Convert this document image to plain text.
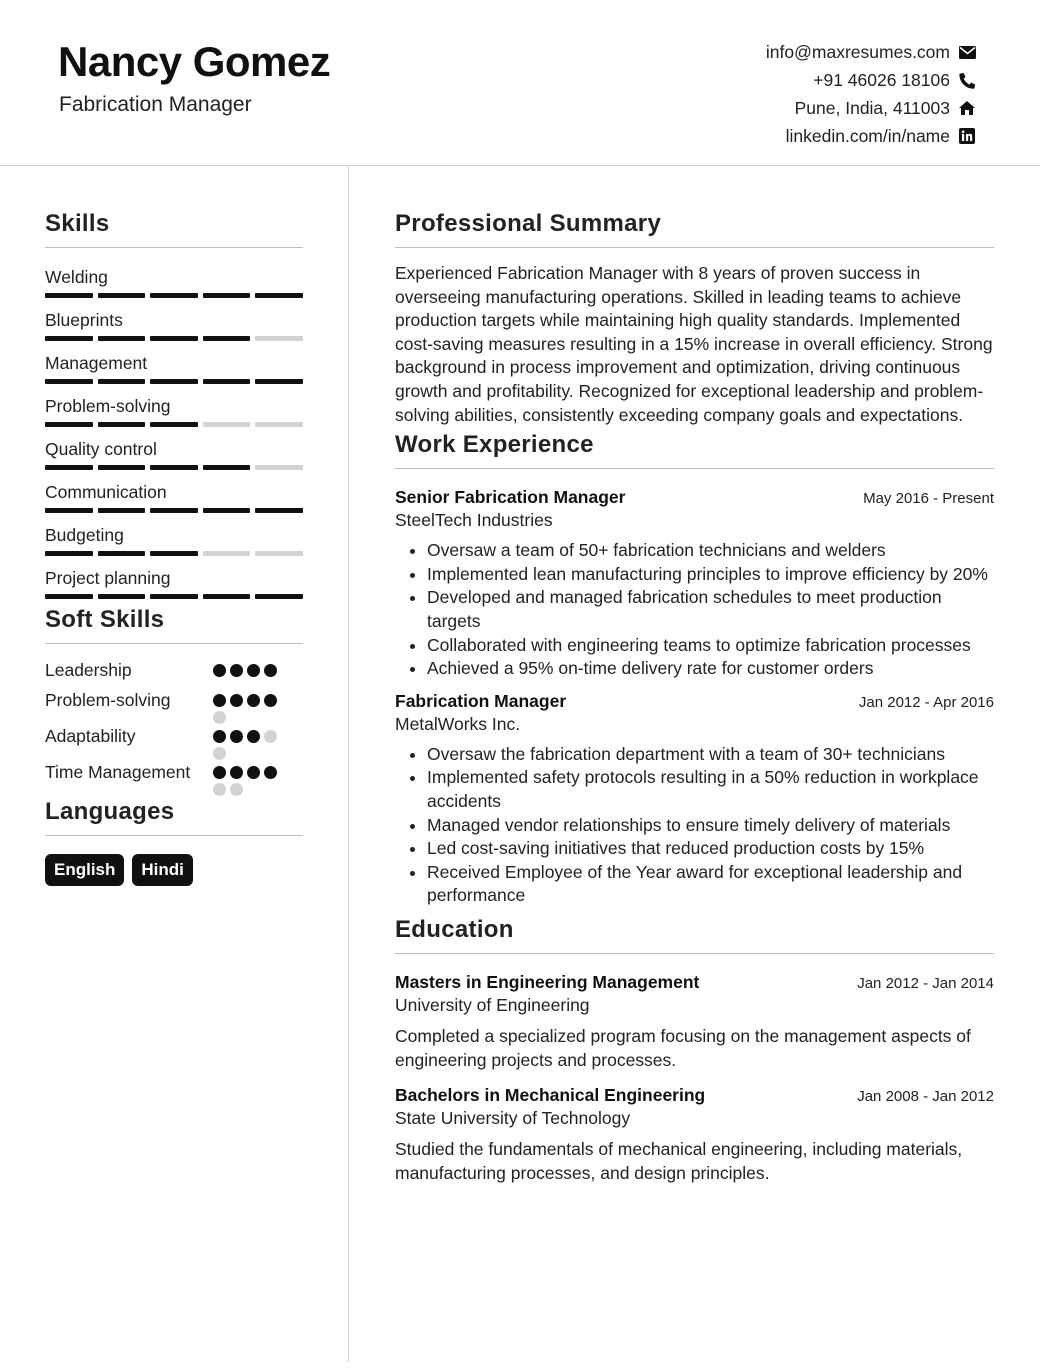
Nancy Gomez
Fabrication Manager
info@maxresumes.com
+91 46026 18106
Pune, India, 411003
linkedin.com/in/name
Skills
Welding
Blueprints
Management
Problem-solving
Quality control
Communication
Budgeting
Project planning
Soft Skills
Leadership
Problem-solving
Adaptability
Time Management
Languages
English	Hindi
Professional Summary
Experienced Fabrication Manager with 8 years of proven success in overseeing manufacturing operations. Skilled in leading teams to achieve production targets while maintaining high quality standards. Implemented cost-saving measures resulting in a 15% increase in overall efficiency. Strong background in process improvement and optimization, driving continuous growth and profitability. Recognized for exceptional leadership and problem-solving abilities, consistently exceeding company goals and expectations.
Work Experience
Senior Fabrication Manager	May 2016 - Present
SteelTech Industries
• Oversaw a team of 50+ fabrication technicians and welders
• Implemented lean manufacturing principles to improve efficiency by 20%
• Developed and managed fabrication schedules to meet production targets
• Collaborated with engineering teams to optimize fabrication processes
• Achieved a 95% on-time delivery rate for customer orders
Fabrication Manager	Jan 2012 - Apr 2016
MetalWorks Inc.
• Oversaw the fabrication department with a team of 30+ technicians
• Implemented safety protocols resulting in a 50% reduction in workplace accidents
• Managed vendor relationships to ensure timely delivery of materials
• Led cost-saving initiatives that reduced production costs by 15%
• Received Employee of the Year award for exceptional leadership and performance
Education
Masters in Engineering Management	Jan 2012 - Jan 2014
University of Engineering
Completed a specialized program focusing on the management aspects of engineering projects and processes.
Bachelors in Mechanical Engineering	Jan 2008 - Jan 2012
State University of Technology
Studied the fundamentals of mechanical engineering, including materials, manufacturing processes, and design principles.
